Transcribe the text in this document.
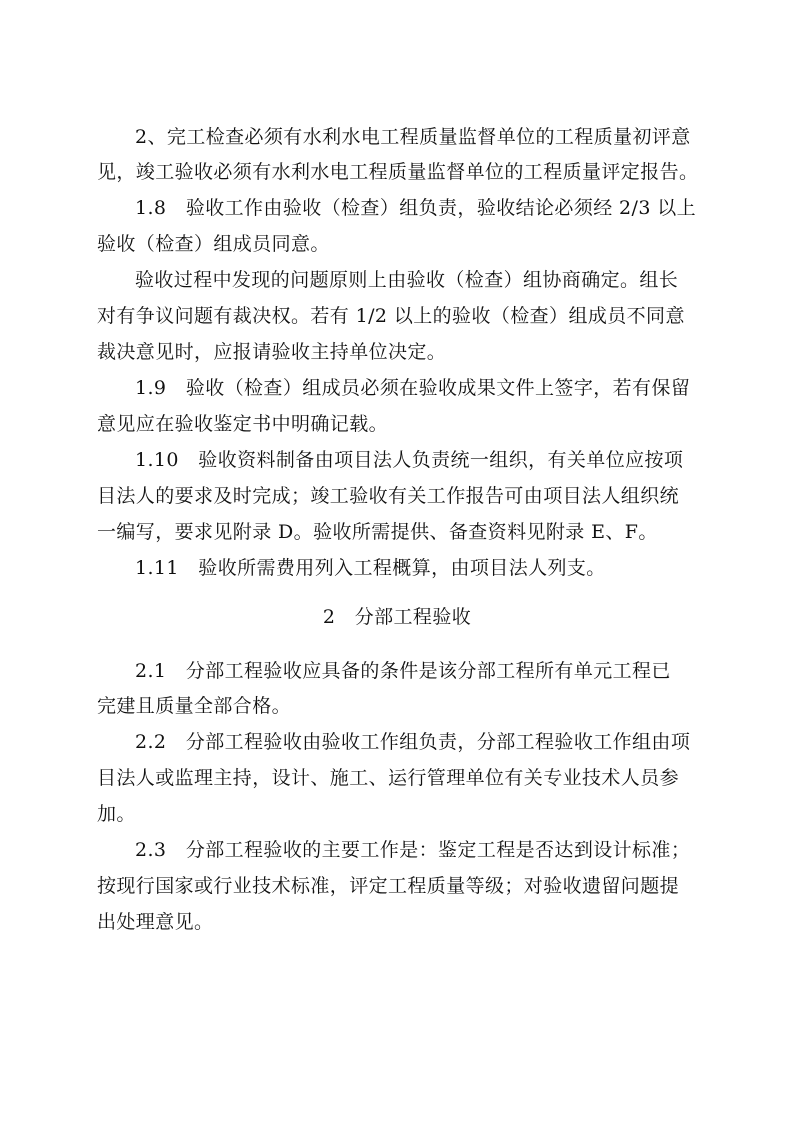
2、完工检查必须有水利水电工程质量监督单位的工程质量初评意
见，竣工验收必须有水利水电工程质量监督单位的工程质量评定报告。
1.8　验收工作由验收（检查）组负责，验收结论必须经 2/3 以上
验收（检查）组成员同意。
验收过程中发现的问题原则上由验收（检查）组协商确定。组长
对有争议问题有裁决权。若有 1/2 以上的验收（检查）组成员不同意
裁决意见时，应报请验收主持单位决定。
1.9　验收（检查）组成员必须在验收成果文件上签字，若有保留
意见应在验收鉴定书中明确记载。
1.10　验收资料制备由项目法人负责统一组织，有关单位应按项
目法人的要求及时完成；竣工验收有关工作报告可由项目法人组织统
一编写，要求见附录 D。验收所需提供、备查资料见附录 E、F。
1.11　验收所需费用列入工程概算，由项目法人列支。
2　分部工程验收
2.1　分部工程验收应具备的条件是该分部工程所有单元工程已
完建且质量全部合格。
2.2　分部工程验收由验收工作组负责，分部工程验收工作组由项
目法人或监理主持，设计、施工、运行管理单位有关专业技术人员参
加。
2.3　分部工程验收的主要工作是：鉴定工程是否达到设计标准；
按现行国家或行业技术标准，评定工程质量等级；对验收遗留问题提
出处理意见。
